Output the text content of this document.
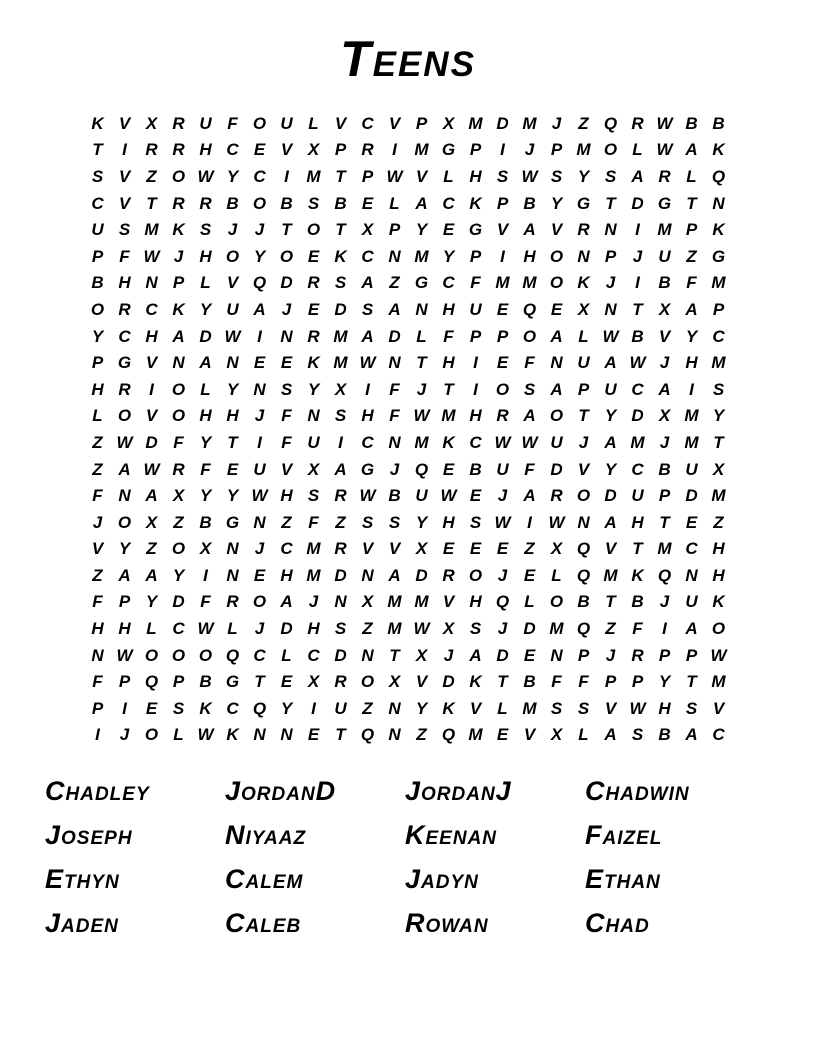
Teens
K V X R U F O U L V C V P X M D M J Z Q R W B B
T I R R H C E V X P R I M G P I J P M O L W A K
S V Z O W Y C I M T P W V L H S W S Y S A R L Q
C V T R R B O B S B E L A C K P B Y G T D G T N
U S M K S J J T O T X P Y E G V A V R N I M P K
P F W J H O Y O E K C N M Y P I H O N P J U Z G
B H N P L V Q D R S A Z G C F M M O K J I B F M
O R C K Y U A J E D S A N H U E Q E X N T X A P
Y C H A D W I N R M A D L F P P O A L W B V Y C
P G V N A N E E K M W N T H I E F N U A W J H M
H R I O L Y N S Y X I F J T I O S A P U C A I S
L O V O H H J F N S H F W M H R A O T Y D X M Y
Z W D F Y T I F U I C N M K C W W U J A M J M T
Z A W R F E U V X A G J Q E B U F D V Y C B U X
F N A X Y Y W H S R W B U W E J A R O D U P D M
J O X Z B G N Z F Z S S Y H S W I W N A H T E Z
V Y Z O X N J C M R V V X E E E Z X Q V T M C H
Z A A Y I N E H M D N A D R O J E L Q M K Q N H
F P Y D F R O A J N X M M V H Q L O B T B J U K
H H L C W L J D H S Z M W X S J D M Q Z F I A O
N W O O O Q C L C D N T X J A D E N P J R P P W
F P Q P B G T E X R O X V D K T B F F P P Y T M
P I E S K C Q Y I U Z N Y K V L M S S V W H S V
I J O L W K N N E T Q N Z Q M E V X L A S B A C
Chadley	JordanD	JordanJ	Chadwin
Joseph	Niyaaz	Keenan	Faizel
Ethyn	Calem	Jadyn	Ethan
Jaden	Caleb	Rowan	Chad
